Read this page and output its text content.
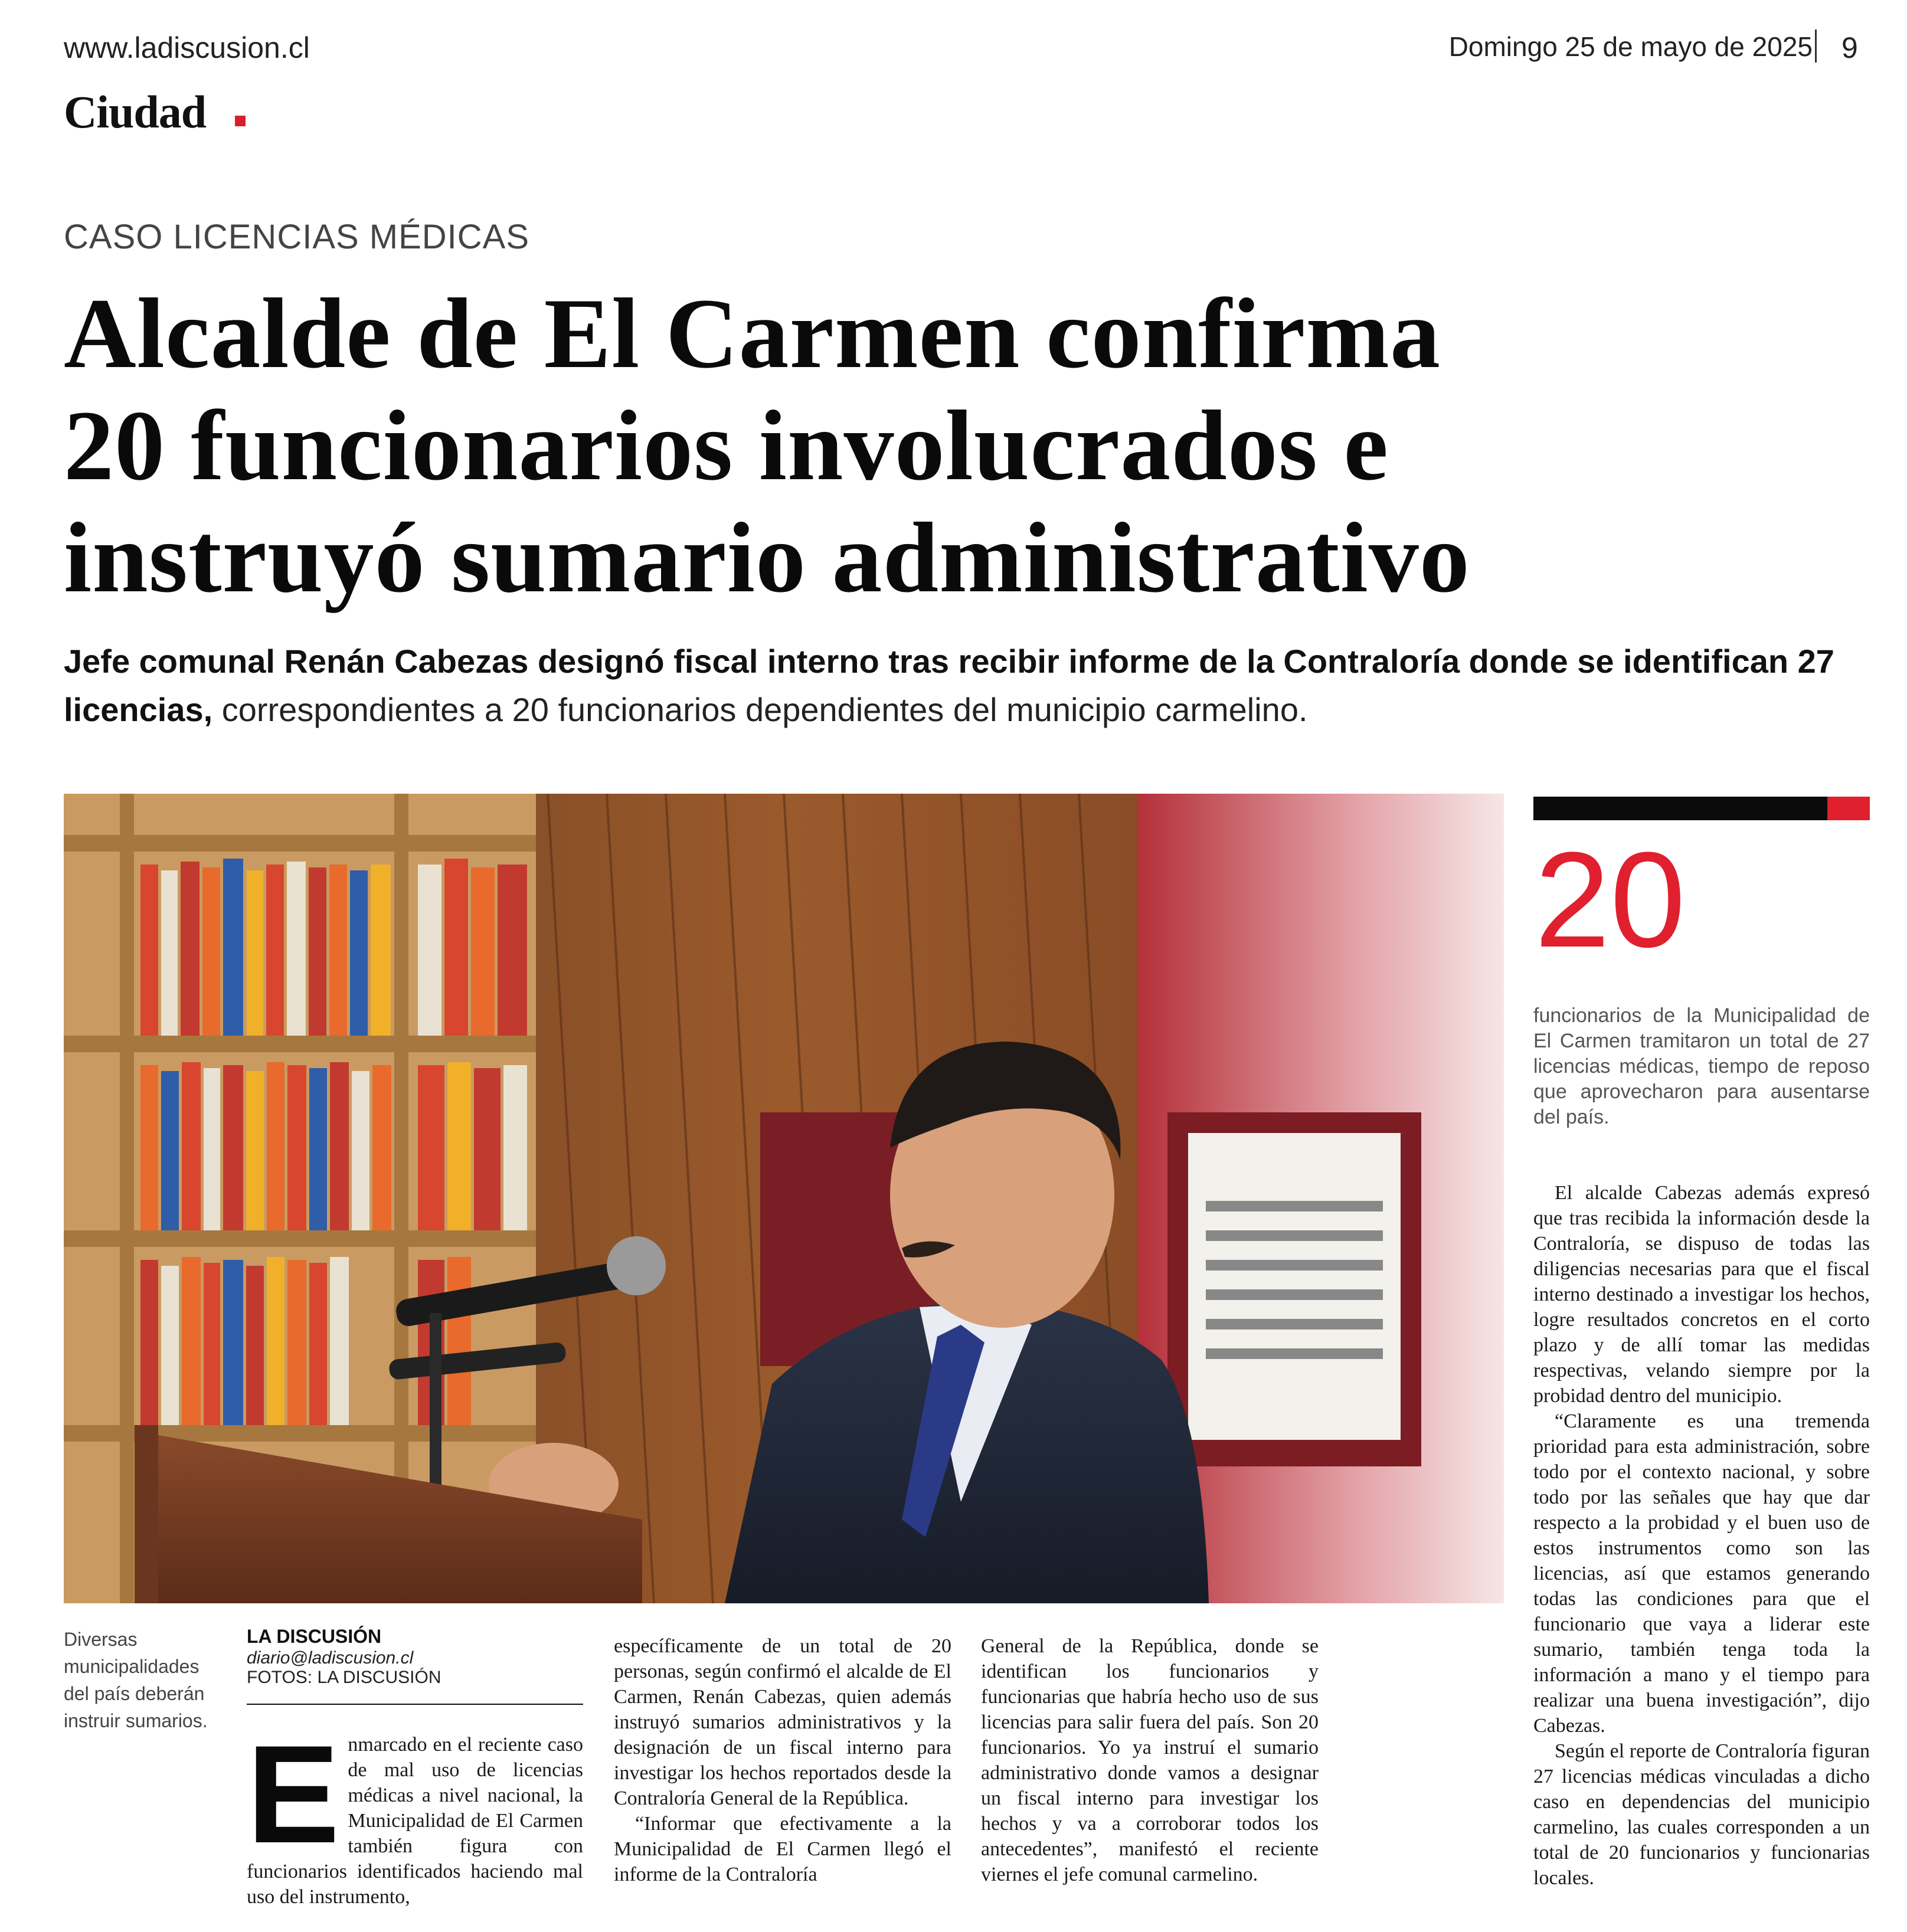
www.ladiscusion.cl	Domingo 25 de mayo de 2025 9
Ciudad
CASO LICENCIAS MÉDICAS
Alcalde de El Carmen confirma
20 funcionarios involucrados e
instruyó sumario administrativo
Jefe comunal Renán Cabezas designó fiscal interno tras recibir informe de la Contraloría donde se identifican 27 licencias, correspondientes a 20 funcionarios dependientes del municipio carmelino.
20
funcionarios de la Municipalidad de El Carmen tramitaron un total de 27 licencias médicas, tiempo de reposo que aprovecharon para ausentarse del país.
Diversas municipalidades del país deberán instruir sumarios.
LA DISCUSIÓN
diario@ladiscusion.cl
FOTOS: LA DISCUSIÓN
Enmarcado en el reciente caso de mal uso de licencias médicas a nivel nacional, la Municipalidad de El Carmen también figura con funcionarios identificados haciendo mal uso del instrumento,

específicamente de un total de 20 personas, según confirmó el alcalde de El Carmen, Renán Cabezas, quien además instruyó sumarios administrativos y la designación de un fiscal interno para investigar los hechos reportados desde la Contraloría General de la República.

“Informar que efectivamente a la Municipalidad de El Carmen llegó el informe de la Contraloría

General de la República, donde se identifican los funcionarios y funcionarias que habría hecho uso de sus licencias para salir fuera del país. Son 20 funcionarios. Yo ya instruí el sumario administrativo donde vamos a designar un fiscal interno para investigar los hechos y va a corroborar todos los antecedentes”, manifestó el reciente viernes el jefe comunal carmelino.

El alcalde Cabezas además expresó que tras recibida la información desde la Contraloría, se dispuso de todas las diligencias necesarias para que el fiscal interno destinado a investigar los hechos, logre resultados concretos en el corto plazo y de allí tomar las medidas respectivas, velando siempre por la probidad dentro del municipio.

“Claramente es una tremenda prioridad para esta administración, sobre todo por el contexto nacional, y sobre todo por las señales que hay que dar respecto a la probidad y el buen uso de estos instrumentos como son las licencias, así que estamos generando todas las condiciones para que el funcionario que vaya a liderar este sumario, también tenga toda la información a mano y el tiempo para realizar una buena investigación”, dijo Cabezas.

Según el reporte de Contraloría figuran 27 licencias médicas vinculadas a dicho caso en dependencias del municipio carmelino, las cuales corresponden a un total de 20 funcionarios y funcionarias locales.
